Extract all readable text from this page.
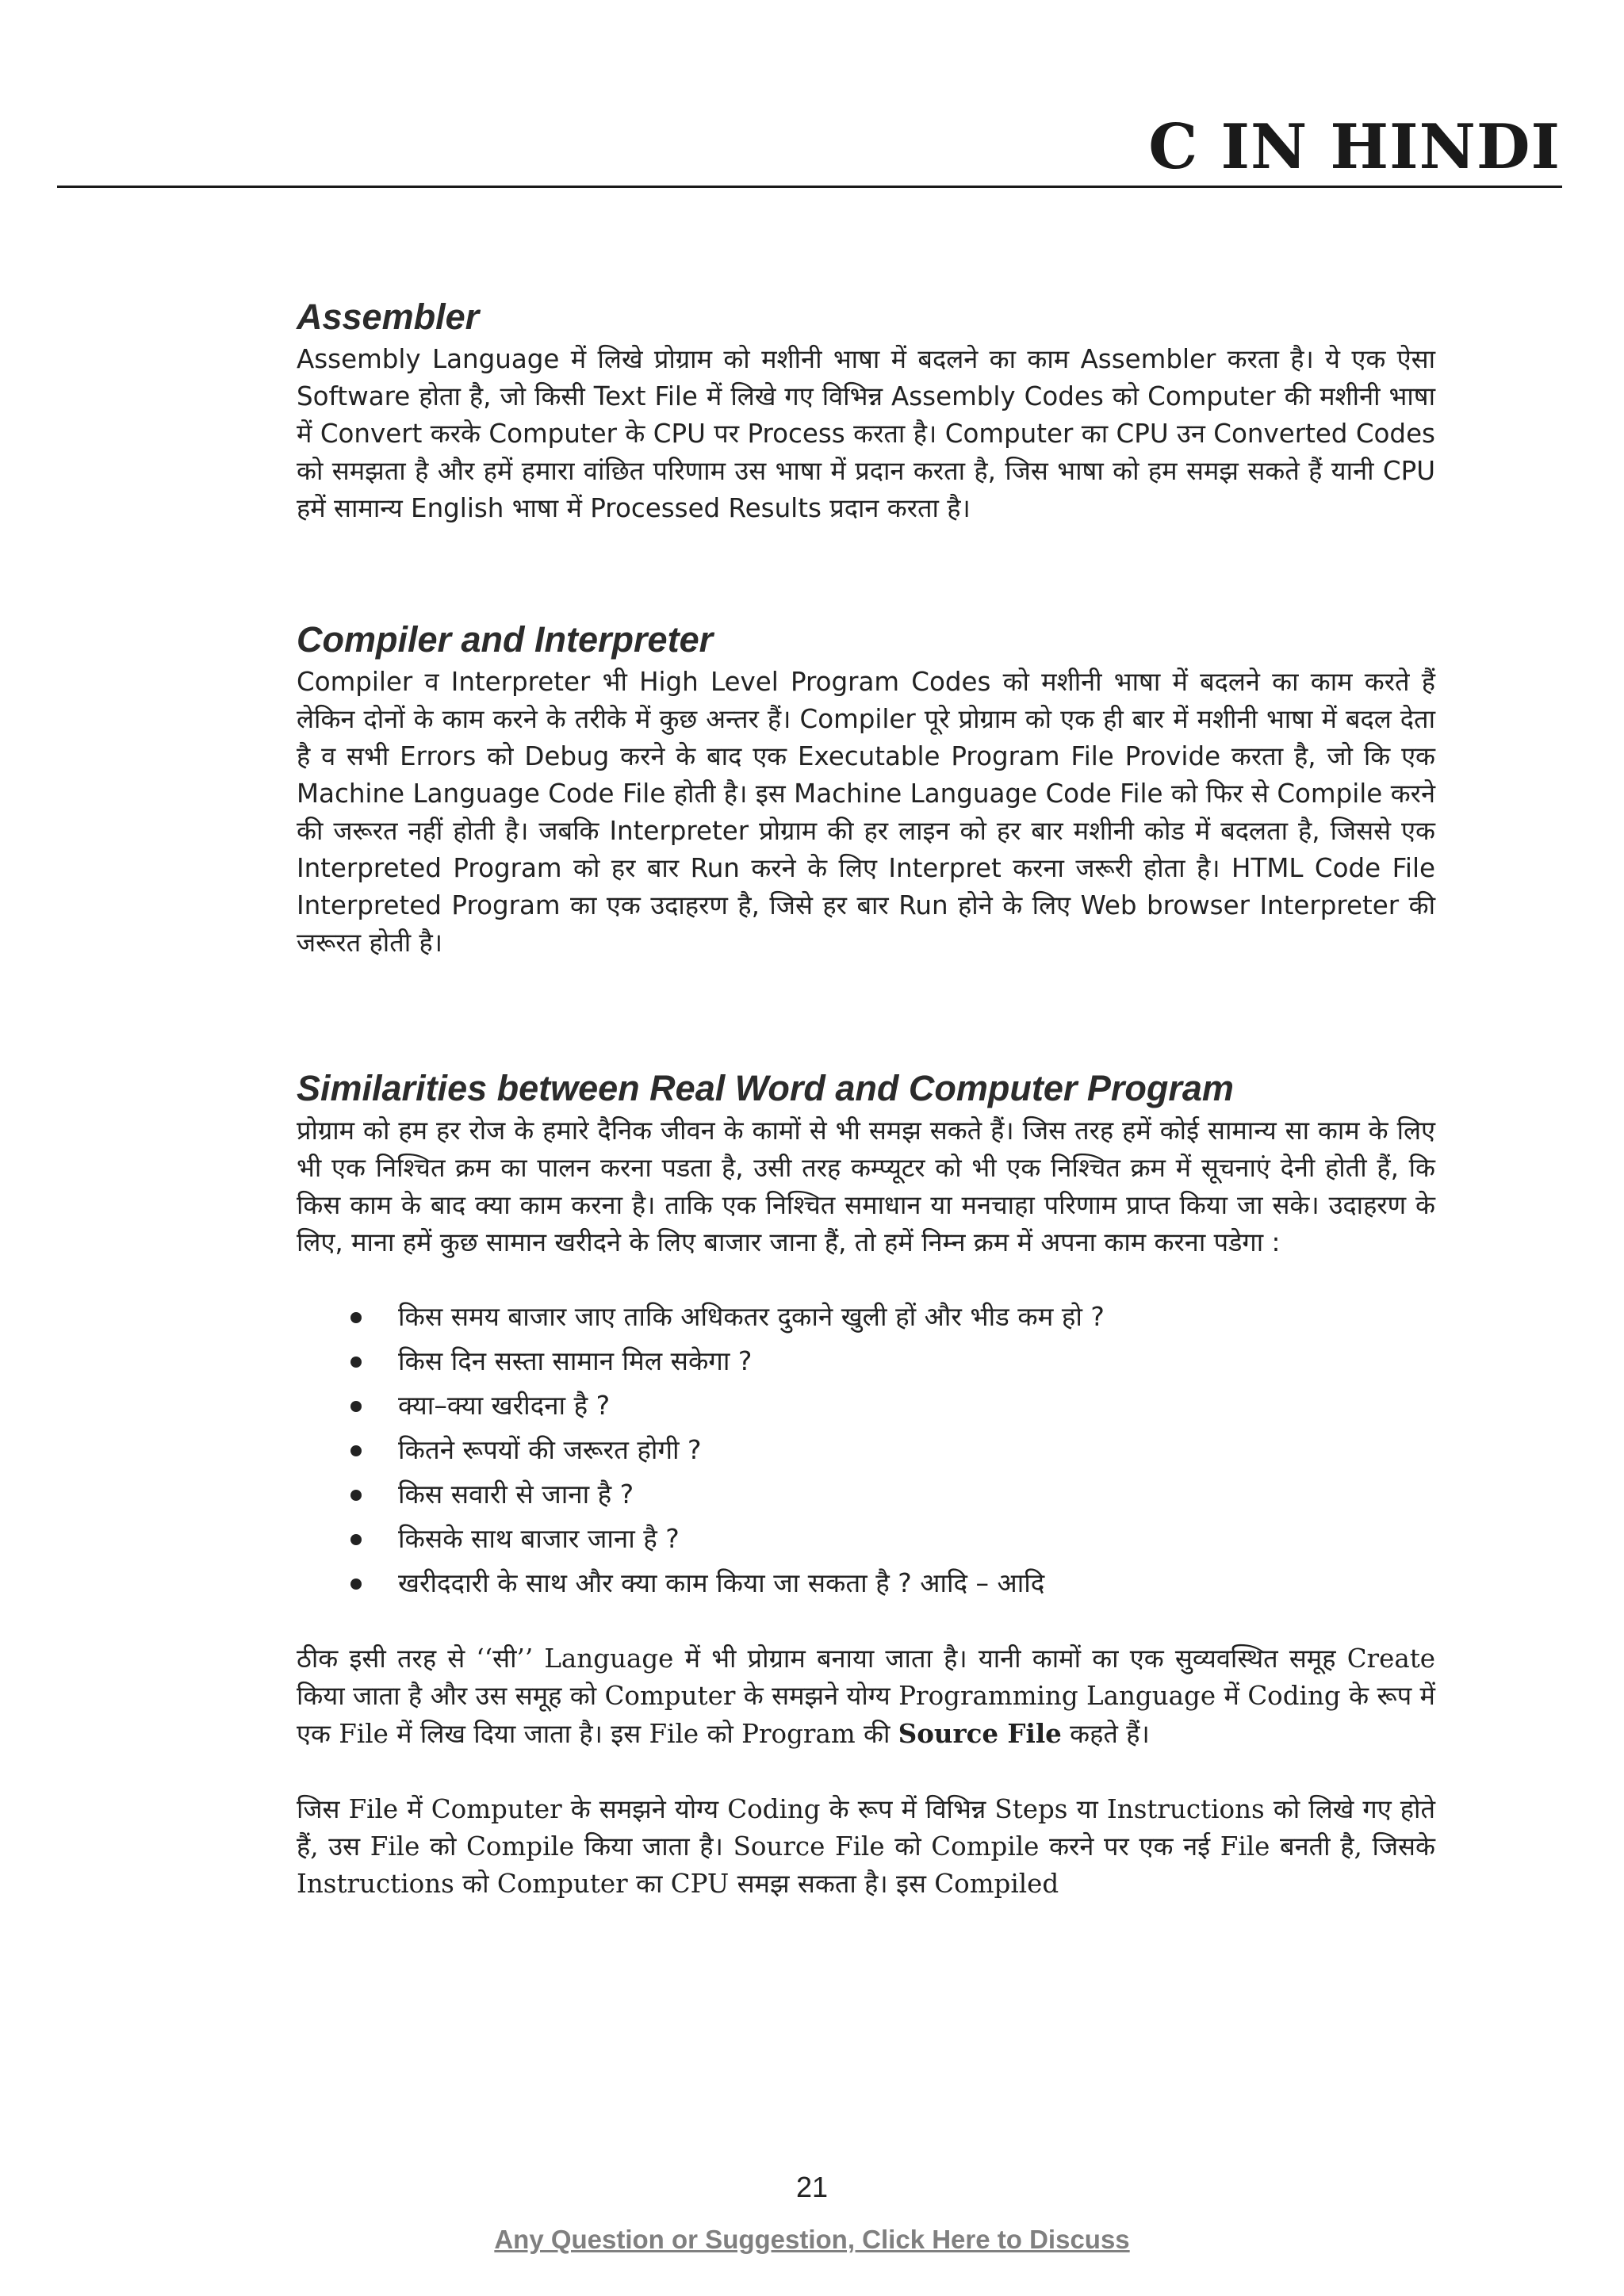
C IN HINDI
Assembler

Assembly Language में लिखे प्रोग्राम को मशीनी भाषा में बदलने का काम Assembler करता है। ये एक ऐसा Software होता है, जो किसी Text File में लिखे गए विभिन्न Assembly Codes को Computer की मशीनी भाषा में Convert करके Computer के CPU पर Process करता है। Computer का CPU उन Converted Codes को समझता है और हमें हमारा वांछित परिणाम उस भाषा में प्रदान करता है, जिस भाषा को हम समझ सकते हैं यानी CPU हमें सामान्य English भाषा में Processed Results प्रदान करता है।

Compiler and Interpreter

Compiler व Interpreter भी High Level Program Codes को मशीनी भाषा में बदलने का काम करते हैं लेकिन दोनों के काम करने के तरीके में कुछ अन्तर हैं। Compiler पूरे प्रोग्राम को एक ही बार में मशीनी भाषा में बदल देता है व सभी Errors को Debug करने के बाद एक Executable Program File Provide करता है, जो कि एक Machine Language Code File होती है। इस Machine Language Code File को फिर से Compile करने की जरूरत नहीं होती है। जबकि Interpreter प्रोग्राम की हर लाइन को हर बार मशीनी कोड में बदलता है, जिससे एक Interpreted Program को हर बार Run करने के लिए Interpret करना जरूरी होता है। HTML Code File Interpreted Program का एक उदाहरण है, जिसे हर बार Run होने के लिए Web browser Interpreter की जरूरत होती है।

Similarities between Real Word and Computer Program

प्रोग्राम को हम हर रोज के हमारे दैनिक जीवन के कामों से भी समझ सकते हैं। जिस तरह हमें कोई सामान्य सा काम के लिए भी एक निश्चित क्रम का पालन करना पडता है, उसी तरह कम्प्यूटर को भी एक निश्चित क्रम में सूचनाएं देनी होती हैं, कि किस काम के बाद क्या काम करना है। ताकि एक निश्चित समाधान या मनचाहा परिणाम प्राप्त किया जा सके। उदाहरण के लिए, माना हमें कुछ सामान खरीदने के लिए बाजार जाना हैं, तो हमें निम्न क्रम में अपना काम करना पडेगा :

किस समय बाजार जाए ताकि अधिकतर दुकाने खुली हों और भीड कम हो ?
किस दिन सस्ता सामान मिल सकेगा ?
क्या–क्या खरीदना है ?
कितने रूपयों की जरूरत होगी ?
किस सवारी से जाना है ?
किसके साथ बाजार जाना है ?
खरीददारी के साथ और क्या काम किया जा सकता है ? आदि – आदि

ठीक इसी तरह से ‘‘सी’’ Language में भी प्रोग्राम बनाया जाता है। यानी कामों का एक सुव्यवस्थित समूह Create किया जाता है और उस समूह को Computer के समझने योग्य Programming Language में Coding के रूप में एक File में लिख दिया जाता है। इस File को Program की Source File कहते हैं।

जिस File में Computer के समझने योग्य Coding के रूप में विभिन्न Steps या Instructions को लिखे गए होते हैं, उस File को Compile किया जाता है। Source File को Compile करने पर एक नई File बनती है, जिसके Instructions को Computer का CPU समझ सकता है। इस Compiled

21
Any Question or Suggestion, Click Here to Discuss
